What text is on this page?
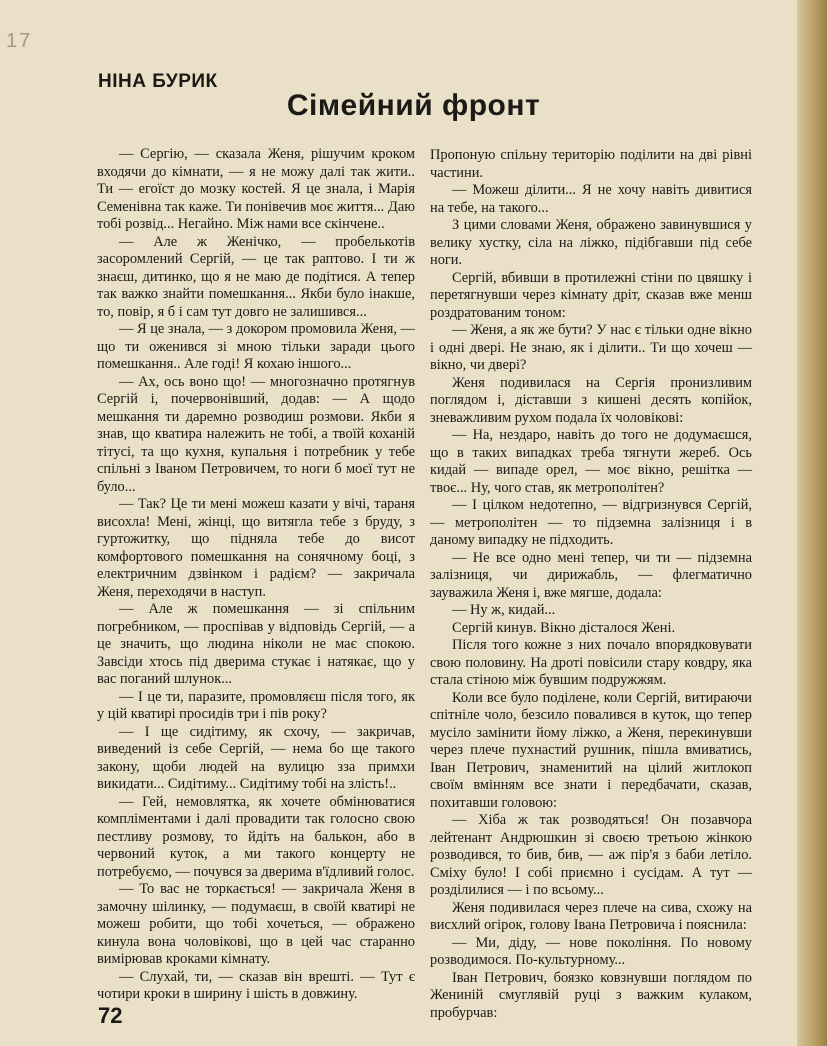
17
НІНА БУРИК
Сімейний фронт

— Сергію, — сказала Женя, рішучим кроком входячи до кімнати, — я не можу далі так жити.. Ти — егоїст до мозку костей. Я це знала, і Марія Семенівна так каже. Ти понівечив моє життя... Даю тобі розвід... Негайно. Між нами все скінчене..

— Але ж Женічко, — пробелькотів засоромлений Сергій, — це так раптово. І ти ж знаєш, дитинко, що я не маю де подітися. А тепер так важко знайти помешкання... Якби було інакше, то, повір, я б і сам тут довго не залишився...

— Я це знала, — з докором промовила Женя, — що ти оженився зі мною тільки заради цього помешкання.. Але годі! Я кохаю іншого...

— Ах, ось воно що! — многозначно протягнув Сергій і, почервонівший, додав: — А щодо мешкання ти даремно розводиш розмови. Якби я знав, що кватира належить не тобі, а твоїй коханій тітусі, та що кухня, купальня і потребник у тебе спільні з Іваном Петровичем, то ноги б моєї тут не було...

— Так? Це ти мені можеш казати у вічі, тараня висохла! Мені, жінці, що витягла тебе з бруду, з гуртожитку, що підняла тебе до висот комфортового помешкання на сонячному боці, з електричним дзвінком і радієм? — закричала Женя, переходячи в наступ.

— Але ж помешкання — зі спільним погребником, — проспівав у відповідь Сергій, — а це значить, що людина ніколи не має спокою. Завсіди хтось під дверима стукає і натякає, що у вас поганий шлунок...

— І це ти, паразите, промовляєш після того, як у цій кватирі просидів три і пів року?

— І ще сидітиму, як схочу, — закричав, виведений із себе Сергій, — нема бо ще такого закону, щоби людей на вулицю зза примхи викидати... Сидітиму... Сидітиму тобі на злість!..

— Гей, немовлятка, як хочете обмінюватися компліментами і далі провадити так голосно свою пестливу розмову, то йдіть на балькон, або в червоний куток, а ми такого концерту не потребуємо, — почувся за дверима в'їдливий голос.

— То вас не торкається! — закричала Женя в замочну шілинку, — подумаєш, в своїй кватирі не можеш робити, що тобі хочеться, — ображено кинула вона чоловікові, що в цей час старанно вимірював кроками кімнату.

— Слухай, ти, — сказав він врешті. — Тут є чотири кроки в ширину і шість в довжину.

Пропоную спільну територію поділити на дві рівні частини.

— Можеш ділити... Я не хочу навіть дивитися на тебе, на такого...

З цими словами Женя, ображено завинувшися у велику хустку, сіла на ліжко, підібгавши під себе ноги.

Сергій, вбивши в протилежні стіни по цвяшку і перетягнувши через кімнату дріт, сказав вже менш роздратованим тоном:

— Женя, а як же бути? У нас є тільки одне вікно і одні двері. Не знаю, як і ділити.. Ти що хочеш — вікно, чи двері?

Женя подивилася на Сергія пронизливим поглядом і, діставши з кишені десять копійок, зневажливим рухом подала їх чоловікові:

— На, нездаро, навіть до того не додумаєшся, що в таких випадках треба тягнути жереб. Ось кидай — випаде орел, — моє вікно, решітка — твоє... Ну, чого став, як метрополітен?

— І цілком недотепно, — відгризнувся Сергій, — метрополітен — то підземна залізниця і в даному випадку не підходить.

— Не все одно мені тепер, чи ти — підземна залізниця, чи дирижабль, — флегматично зауважила Женя і, вже мягше, додала:

— Ну ж, кидай...

Сергій кинув. Вікно дісталося Жені.

Після того кожне з них почало впорядковувати свою половину. На дроті повісили стару ковдру, яка стала стіною між бувшим подружжям.

Коли все було поділене, коли Сергій, витираючи спітніле чоло, безсило повалився в куток, що тепер мусіло замінити йому ліжко, а Женя, перекинувши через плече пухнастий рушник, пішла вмиватись, Іван Петрович, знаменитий на цілий житлокоп своїм вмінням все знати і передбачати, сказав, похитавши головою:

— Хіба ж так розводяться! Он позавчора лейтенант Андрюшкин зі своєю третьою жінкою розводився, то бив, бив, — аж пір'я з баби летіло. Сміху було! І собі приємно і сусідам. А тут — розділилися — і по всьому...

Женя подивилася через плече на сива, схожу на висхлий огірок, голову Івана Петровича і пояснила:

— Ми, діду, — нове покоління. По новому розводимося. По-культурному...

Іван Петрович, боязко ковзнувши поглядом по Жениній смуглявій руці з важким кулаком, пробурчав:

72
